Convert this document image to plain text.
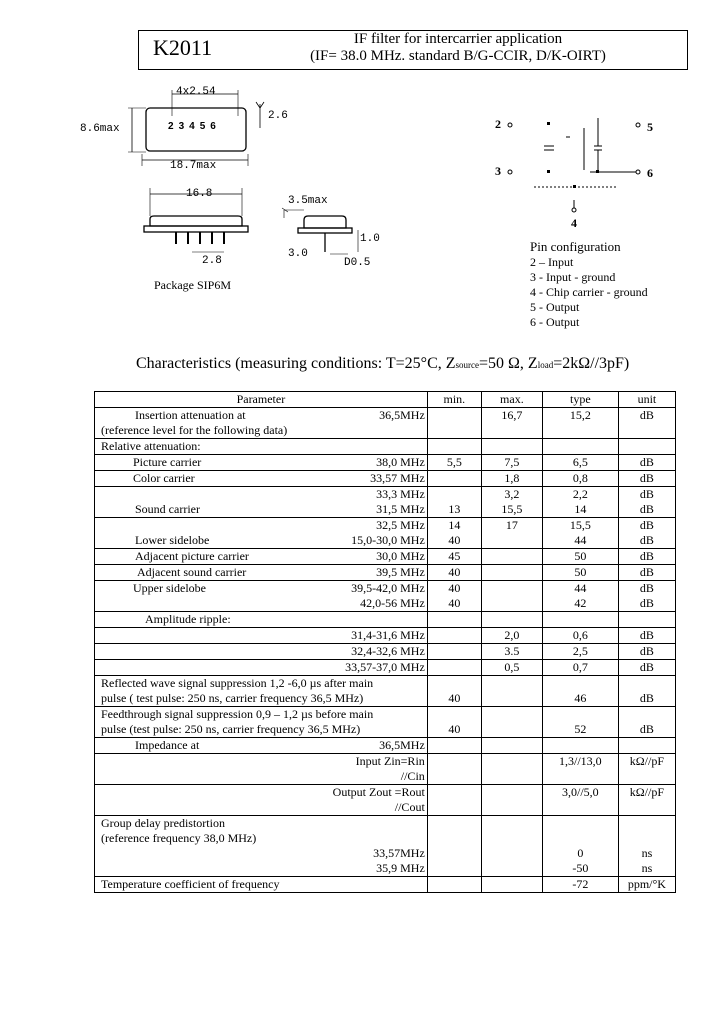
K2011	IF filter for intercarrier application
(IF= 38.0 MHz. standard B/G-CCIR, D/K-OIRT)
4x2.54
8.6max
2.6
18.7max
16.8
3.5max
2.8
3.0
1.0
D0.5
23456
Package SIP6M
2
3
4
5
6
Pin configuration
2 – Input
3 - Input - ground
4 - Chip carrier - ground
5 - Output
6 - Output
Characteristics (measuring conditions: T=25°C, Zsource=50 Ω, Zload=2kΩ//3pF)
Parameter		min.	max.	type	unit
Insertion attenuation at	36,5MHz		16,7	15,2	dB
(reference level for the following data)					
Relative attenuation:					
Picture carrier	38,0 MHz	5,5	7,5	6,5	dB
Color carrier	33,57 MHz		1,8	0,8	dB
	33,3 MHz		3,2	2,2	dB
Sound carrier	31,5 MHz	13	15,5	14	dB
	32,5 MHz	14	17	15,5	dB
Lower sidelobe	15,0-30,0 MHz	40		44	dB
Adjacent picture carrier	30,0 MHz	45		50	dB
Adjacent sound carrier	39,5 MHz	40		50	dB
Upper sidelobe	39,5-42,0 MHz	40		44	dB
	42,0-56 MHz	40		42	dB
Amplitude ripple:					
	31,4-31,6 MHz		2,0	0,6	dB
	32,4-32,6 MHz		3.5	2,5	dB
	33,57-37,0 MHz		0,5	0,7	dB
Reflected wave signal suppression 1,2 -6,0 µs after main					
pulse ( test pulse: 250 ns, carrier frequency 36,5 MHz)		40		46	dB
Feedthrough signal suppression 0,9 – 1,2 µs before main					
pulse (test pulse: 250 ns, carrier frequency 36,5 MHz)		40		52	dB
Impedance at	36,5MHz				
	Input Zin=Rin //Cin			1,3//13,0	kΩ//pF
	Output Zout =Rout //Cout			3,0//5,0	kΩ//pF
Group delay predistortion					
(reference frequency 38,0 MHz)					
	33,57MHz			0	ns
	35,9 MHz			-50	ns
Temperature coefficient of frequency				-72	ppm/°K
